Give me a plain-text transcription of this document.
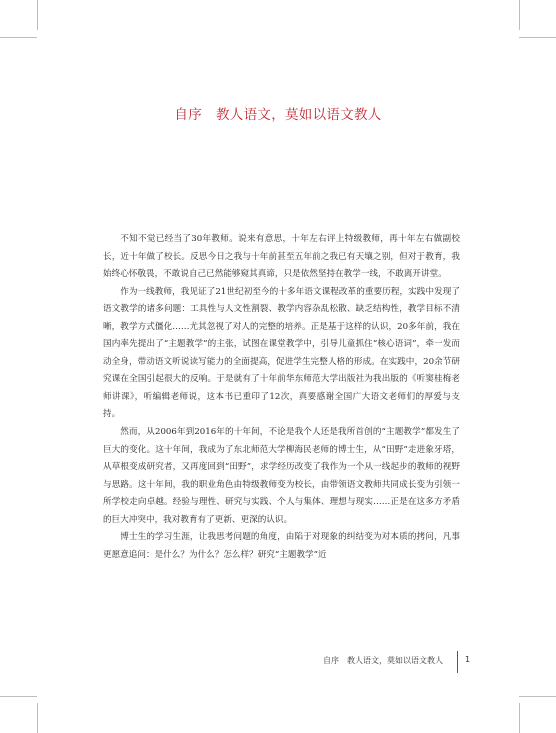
自序 教人语文，莫如以语文教人

不知不觉已经当了30年教师。说来有意思，十年左右评上特级教师，再十年左右做副校长，近十年做了校长。反思今日之我与十年前甚至五年前之我已有天壤之别，但对于教育，我始终心怀敬畏，不敢说自己已然能够窥其真谛，只是依然坚持在教学一线，不敢离开讲堂。

作为一线教师，我见证了21世纪初至今的十多年语文课程改革的重要历程，实践中发现了语文教学的诸多问题：工具性与人文性割裂、教学内容杂乱松散、缺乏结构性，教学目标不清晰，教学方式僵化……尤其忽视了对人的完整的培养。正是基于这样的认识，20多年前，我在国内率先提出了“主题教学”的主张，试图在课堂教学中，引导儿童抓住“核心语词”，牵一发而动全身，带动语文听说读写能力的全面提高，促进学生完整人格的形成。在实践中，20余节研究课在全国引起很大的反响。于是就有了十年前华东师范大学出版社为我出版的《听窦桂梅老师讲课》，听编辑老师说，这本书已重印了12次，真要感谢全国广大语文老师们的厚爱与支持。

然而，从2006年到2016年的十年间，不论是我个人还是我所首创的“主题教学”都发生了巨大的变化。这十年间，我成为了东北师范大学柳海民老师的博士生，从“田野”走进象牙塔，从草根变成研究者，又再度回到“田野”，求学经历改变了我作为一个从一线起步的教师的视野与思路。这十年间，我的职业角色由特级教师变为校长，由带领语文教师共同成长变为引领一所学校走向卓越。经验与理性、研究与实践、个人与集体、理想与现实……正是在这多方矛盾的巨大冲突中，我对教育有了更新、更深的认识。

博士生的学习生涯，让我思考问题的角度，由陷于对现象的纠结变为对本质的拷问，凡事更愿意追问：是什么？为什么？怎么样？研究“主题教学”近

自序　教人语文，莫如以语文教人	1
